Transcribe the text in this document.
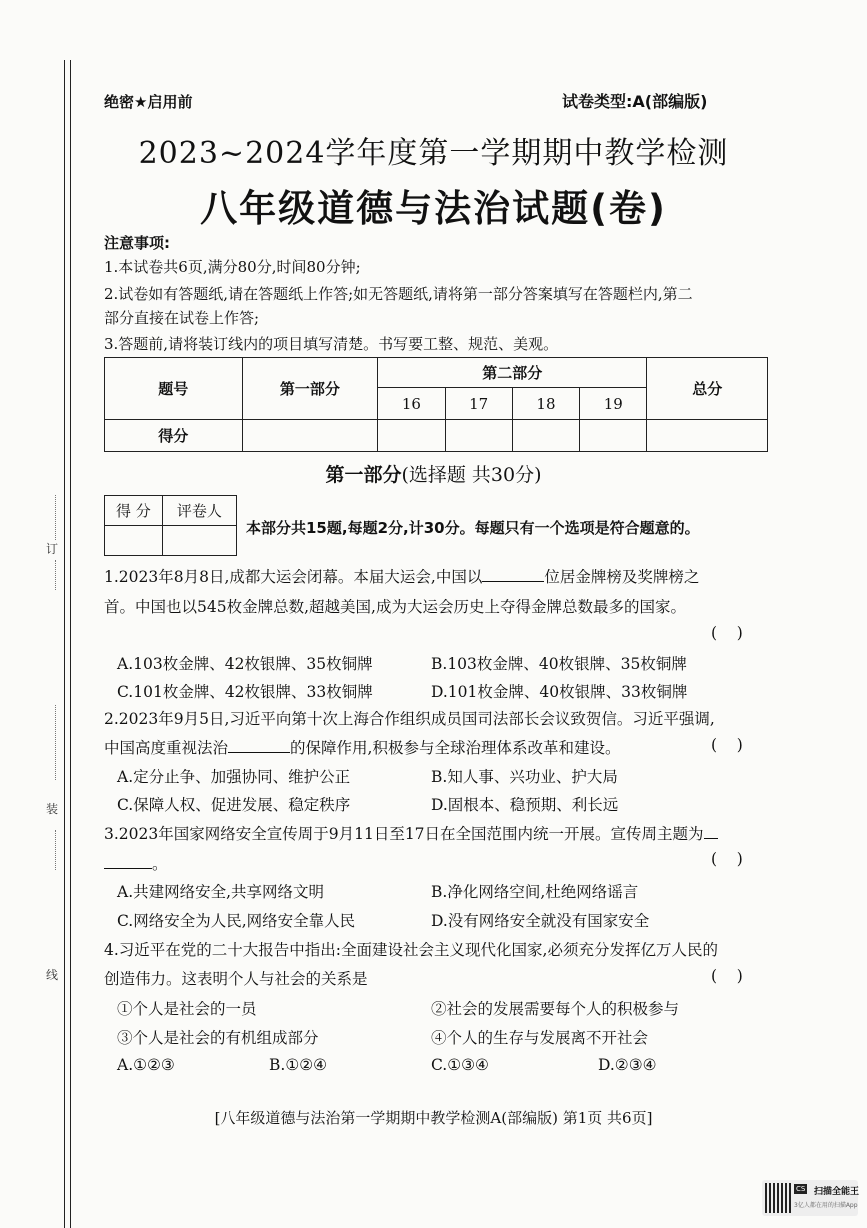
订
装
线
绝密★启用前	试卷类型:A(部编版)
2023~2024学年度第一学期期中教学检测
八年级道德与法治试题(卷)
注意事项:
1.本试卷共6页,满分80分,时间80分钟;
2.试卷如有答题纸,请在答题纸上作答;如无答题纸,请将第一部分答案填写在答题栏内,第二
部分直接在试卷上作答;
3.答题前,请将装订线内的项目填写清楚。书写要工整、规范、美观。
题号	第一部分	第二部分				总分
		16	17	18	19	
得分						
第一部分(选择题 共30分)
得 分	评卷人

本部分共15题,每题2分,计30分。每题只有一个选项是符合题意的。
1.2023年8月8日,成都大运会闭幕。本届大运会,中国以	位居金牌榜及奖牌榜之
首。中国也以545枚金牌总数,超越美国,成为大运会历史上夺得金牌总数最多的国家。
(    )
A.103枚金牌、42枚银牌、35枚铜牌	B.103枚金牌、40枚银牌、35枚铜牌
C.101枚金牌、42枚银牌、33枚铜牌	D.101枚金牌、40枚银牌、33枚铜牌
2.2023年9月5日,习近平向第十次上海合作组织成员国司法部长会议致贺信。习近平强调,
中国高度重视法治	的保障作用,积极参与全球治理体系改革和建设。	(    )
A.定分止争、加强协同、维护公正	B.知人事、兴功业、护大局
C.保障人权、促进发展、稳定秩序	D.固根本、稳预期、利长远
3.2023年国家网络安全宣传周于9月11日至17日在全国范围内统一开展。宣传周主题为
。	(    )
A.共建网络安全,共享网络文明	B.净化网络空间,杜绝网络谣言
C.网络安全为人民,网络安全靠人民	D.没有网络安全就没有国家安全
4.习近平在党的二十大报告中指出:全面建设社会主义现代化国家,必须充分发挥亿万人民的
创造伟力。这表明个人与社会的关系是	(    )
①个人是社会的一员	②社会的发展需要每个人的积极参与
③个人是社会的有机组成部分	④个人的生存与发展离不开社会
A.①②③	B.①②④	C.①③④	D.②③④
[八年级道德与法治第一学期期中教学检测A(部编版) 第1页 共6页]
CS 扫描全能王
3亿人都在用的扫描App
